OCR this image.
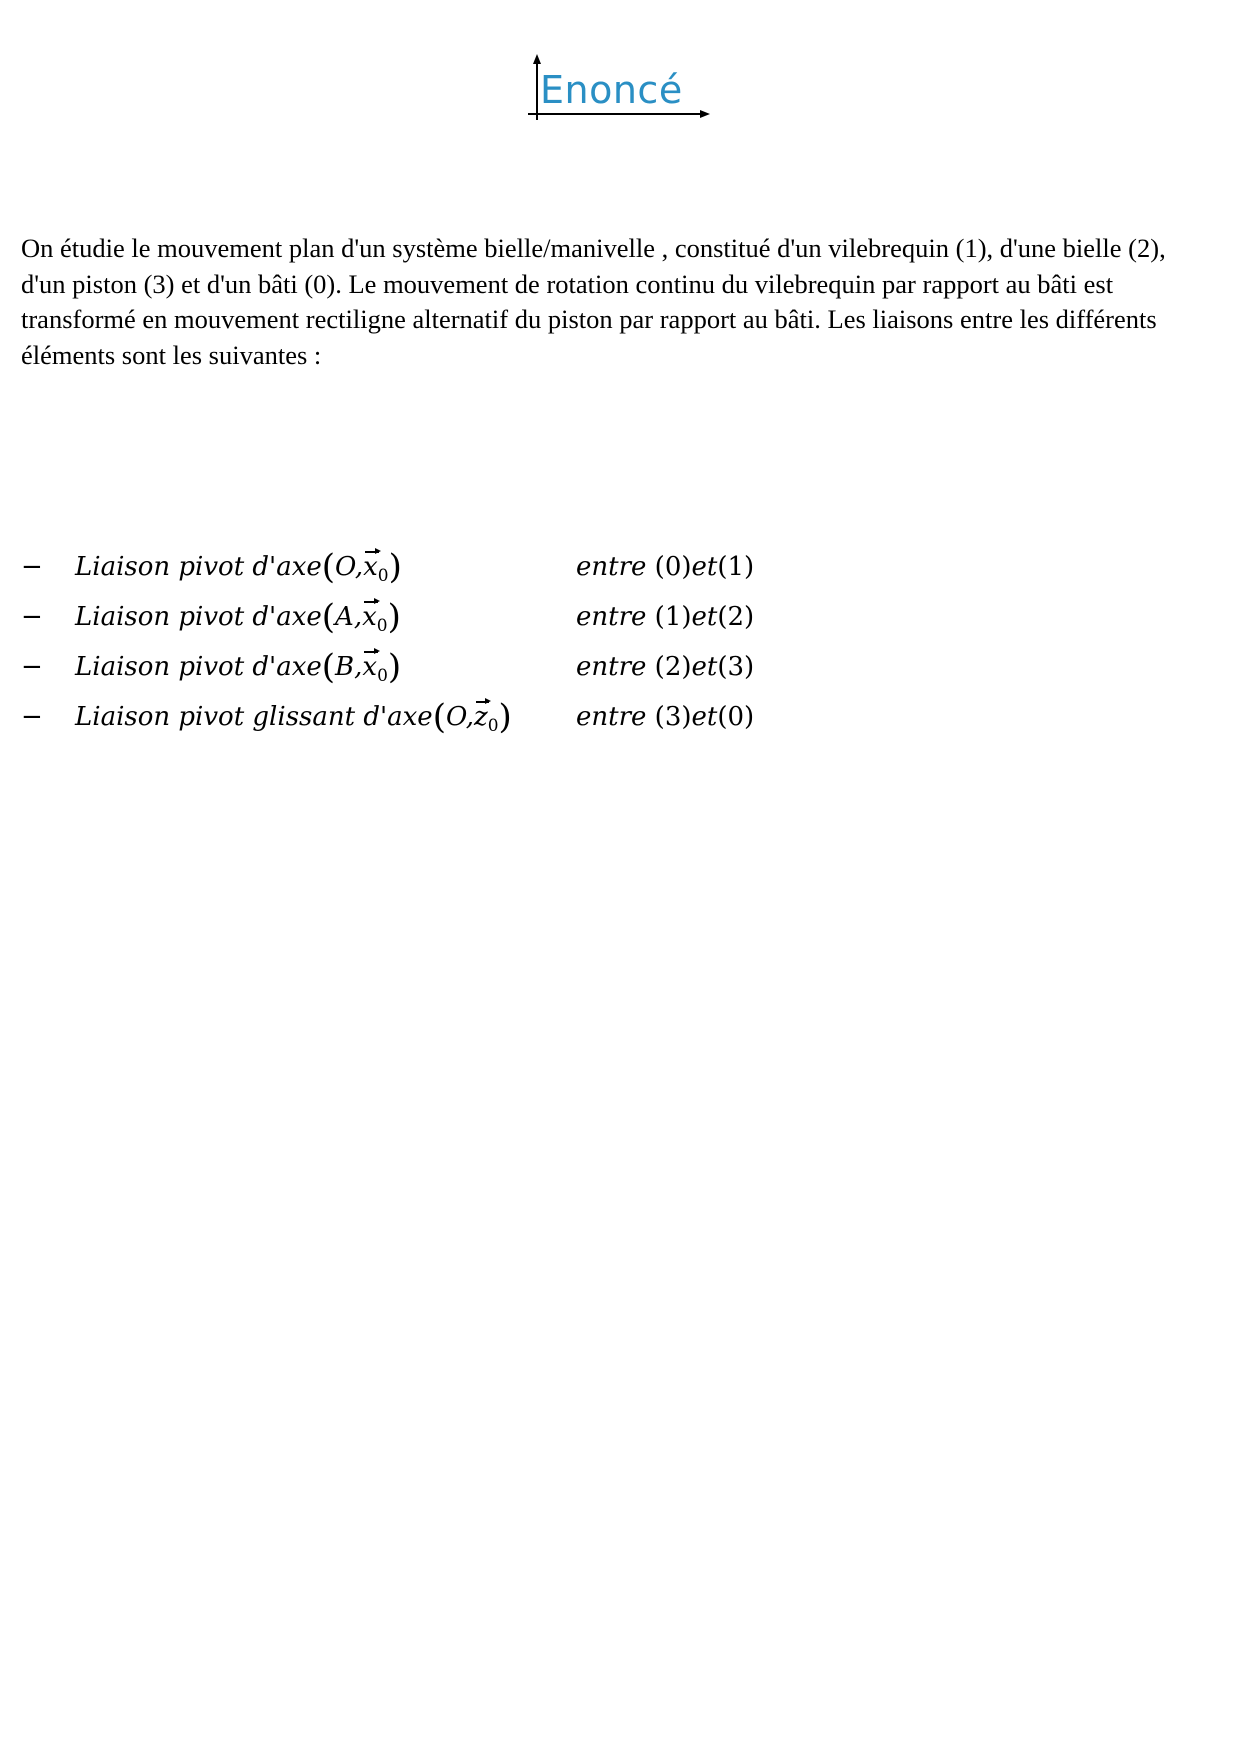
Enoncé

On étudie le mouvement plan d'un système bielle/manivelle , constitué d'un vilebrequin (1), d'une bielle (2), d'un piston (3) et d'un bâti (0). Le mouvement de rotation continu du vilebrequin par rapport au bâti est transformé en mouvement rectiligne alternatif du piston par rapport au bâti. Les liaisons entre les différents éléments sont les suivantes :

− Liaison pivot $d'axe(O,x_0)$	entre (0)et(1)
− Liaison pivot $d'axe(A,x_0)$	entre (1)et(2)
− Liaison pivot $d'axe(B,x_0)$	entre (2)et(3)
− Liaison pivot glissant $d'axe(O,z_0)$ entre (3)et(0)
